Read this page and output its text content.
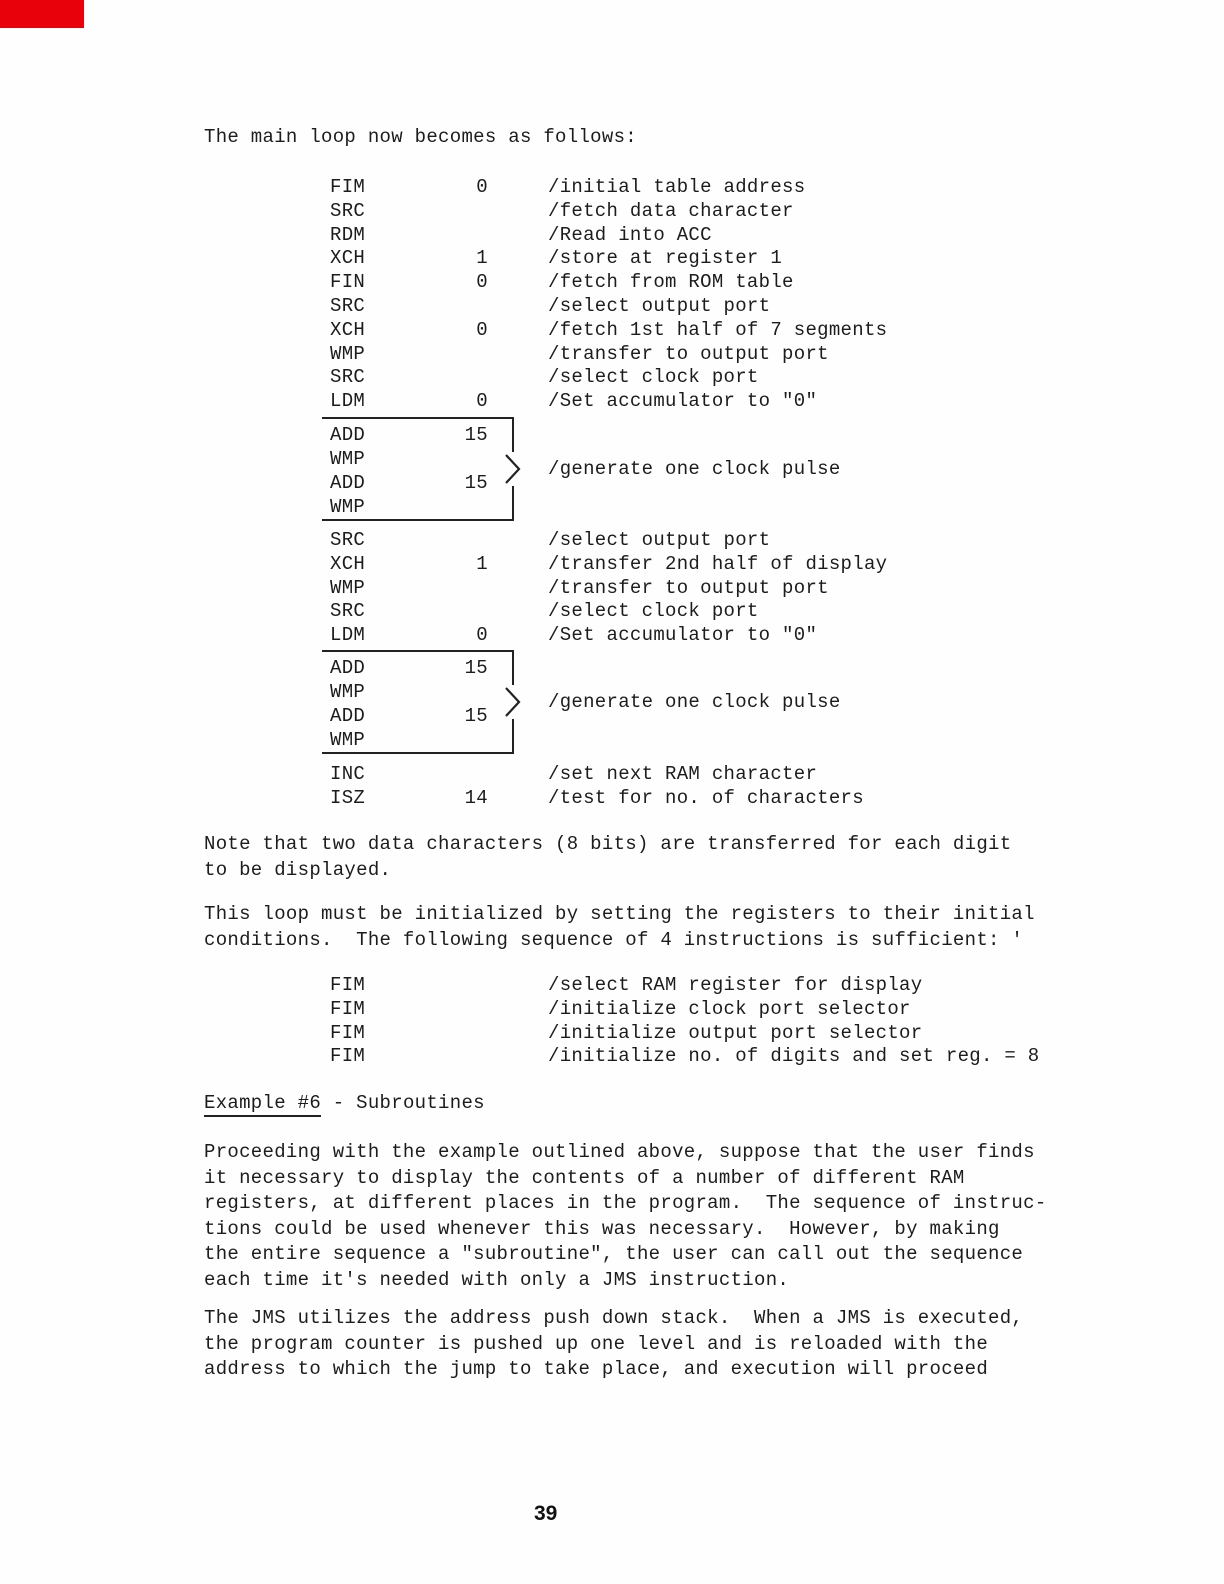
The main loop now becomes as follows:
FIM	0	/initial table address
SRC	/fetch data character
RDM	/Read into ACC
XCH	1	/store at register 1
FIN	0	/fetch from ROM table
SRC	/select output port
XCH	0	/fetch 1st half of 7 segments
WMP	/transfer to output port
SRC	/select clock port
LDM	0	/Set accumulator to "0"
ADD	15
WMP
ADD	15
WMP
/generate one clock pulse
SRC	/select output port
XCH	1	/transfer 2nd half of display
WMP	/transfer to output port
SRC	/select clock port
LDM	0	/Set accumulator to "0"
ADD	15
WMP
ADD	15
WMP
/generate one clock pulse
INC	/set next RAM character
ISZ	14	/test for no. of characters
Note that two data characters (8 bits) are transferred for each digit
to be displayed.
This loop must be initialized by setting the registers to their initial
conditions.  The following sequence of 4 instructions is sufficient: '
FIM	/select RAM register for display
FIM	/initialize clock port selector
FIM	/initialize output port selector
FIM	/initialize no. of digits and set reg. = 8
Example #6 - Subroutines
Proceeding with the example outlined above, suppose that the user finds
it necessary to display the contents of a number of different RAM
registers, at different places in the program.  The sequence of instruc-
tions could be used whenever this was necessary.  However, by making
the entire sequence a "subroutine", the user can call out the sequence
each time it's needed with only a JMS instruction.
The JMS utilizes the address push down stack.  When a JMS is executed,
the program counter is pushed up one level and is reloaded with the
address to which the jump to take place, and execution will proceed
39
